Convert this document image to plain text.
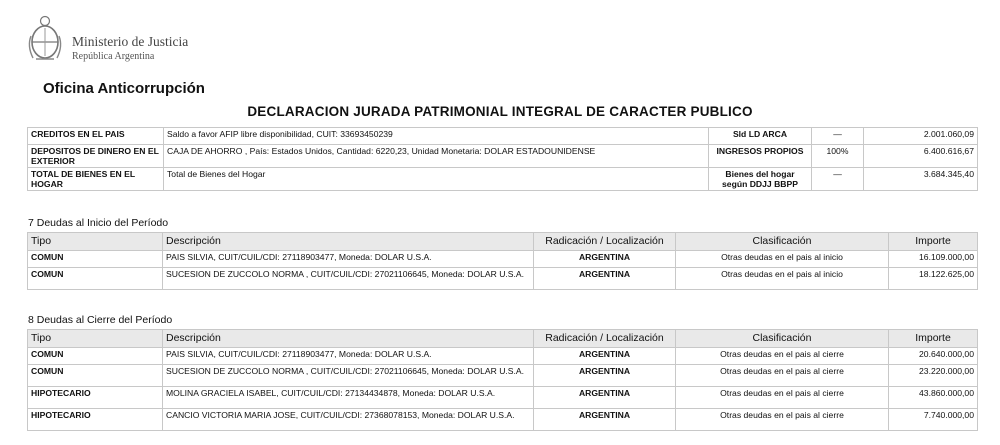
Ministerio de Justicia
República Argentina
Oficina Anticorrupción
DECLARACION JURADA PATRIMONIAL INTEGRAL DE CARACTER PUBLICO
CREDITOS EN EL PAIS	Saldo a favor AFIP libre disponibilidad, CUIT: 33693450239	Sld LD ARCA	—	2.001.060,09
DEPOSITOS DE DINERO EN EL EXTERIOR	CAJA DE AHORRO , País: Estados Unidos, Cantidad: 6220,23, Unidad Monetaria: DOLAR ESTADOUNIDENSE	INGRESOS PROPIOS	100%	6.400.616,67
TOTAL DE BIENES EN EL HOGAR	Total de Bienes del Hogar	Bienes del hogar según DDJJ BBPP	—	3.684.345,40
7 Deudas al Inicio del Período
Tipo	Descripción	Radicación / Localización	Clasificación	Importe
COMUN	PAIS SILVIA, CUIT/CUIL/CDI: 27118903477, Moneda: DOLAR U.S.A.	ARGENTINA	Otras deudas en el pais al inicio	16.109.000,00
COMUN	SUCESION DE ZUCCOLO NORMA , CUIT/CUIL/CDI: 27021106645, Moneda: DOLAR U.S.A.	ARGENTINA	Otras deudas en el pais al inicio	18.122.625,00
8 Deudas al Cierre del Período
Tipo	Descripción	Radicación / Localización	Clasificación	Importe
COMUN	PAIS SILVIA, CUIT/CUIL/CDI: 27118903477, Moneda: DOLAR U.S.A.	ARGENTINA	Otras deudas en el pais al cierre	20.640.000,00
COMUN	SUCESION DE ZUCCOLO NORMA , CUIT/CUIL/CDI: 27021106645, Moneda: DOLAR U.S.A.	ARGENTINA	Otras deudas en el pais al cierre	23.220.000,00
HIPOTECARIO	MOLINA GRACIELA ISABEL, CUIT/CUIL/CDI: 27134434878, Moneda: DOLAR U.S.A.	ARGENTINA	Otras deudas en el pais al cierre	43.860.000,00
HIPOTECARIO	CANCIO VICTORIA MARIA JOSE, CUIT/CUIL/CDI: 27368078153, Moneda: DOLAR U.S.A.	ARGENTINA	Otras deudas en el pais al cierre	7.740.000,00
